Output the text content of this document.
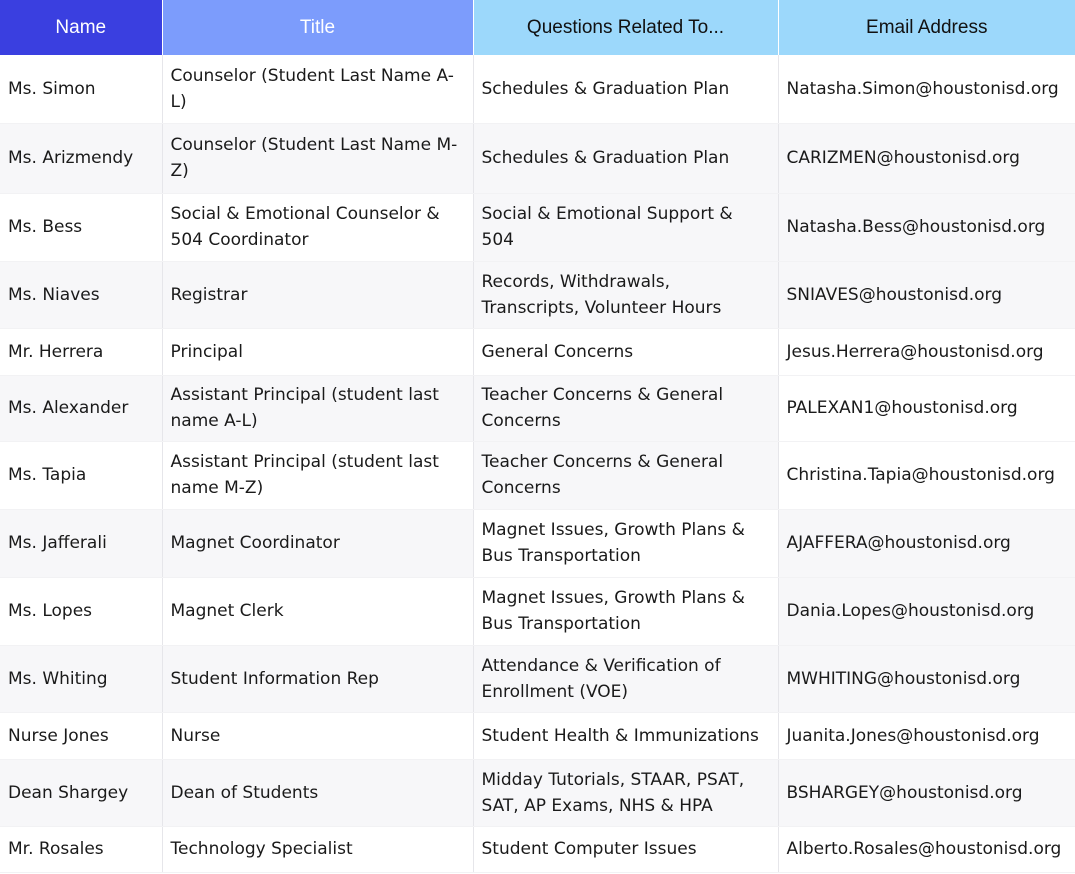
Name	Title	Questions Related To...	Email Address
Ms. Simon	Counselor (Student Last Name A-L)	Schedules & Graduation Plan	Natasha.Simon@houstonisd.org
Ms. Arizmendy	Counselor (Student Last Name M-Z)	Schedules & Graduation Plan	CARIZMEN@houstonisd.org
Ms. Bess	Social & Emotional Counselor & 504 Coordinator	Social & Emotional Support & 504	Natasha.Bess@houstonisd.org
Ms. Niaves	Registrar	Records, Withdrawals, Transcripts, Volunteer Hours	SNIAVES@houstonisd.org
Mr. Herrera	Principal	General Concerns	Jesus.Herrera@houstonisd.org
Ms. Alexander	Assistant Principal (student last name A-L)	Teacher Concerns & General Concerns	PALEXAN1@houstonisd.org
Ms. Tapia	Assistant Principal (student last name M-Z)	Teacher Concerns & General Concerns	Christina.Tapia@houstonisd.org
Ms. Jafferali	Magnet Coordinator	Magnet Issues, Growth Plans & Bus Transportation	AJAFFERA@houstonisd.org
Ms. Lopes	Magnet Clerk	Magnet Issues, Growth Plans & Bus Transportation	Dania.Lopes@houstonisd.org
Ms. Whiting	Student Information Rep	Attendance & Verification of Enrollment (VOE)	MWHITING@houstonisd.org
Nurse Jones	Nurse	Student Health & Immunizations	Juanita.Jones@houstonisd.org
Dean Shargey	Dean of Students	Midday Tutorials, STAAR, PSAT, SAT, AP Exams, NHS & HPA	BSHARGEY@houstonisd.org
Mr. Rosales	Technology Specialist	Student Computer Issues	Alberto.Rosales@houstonisd.org
